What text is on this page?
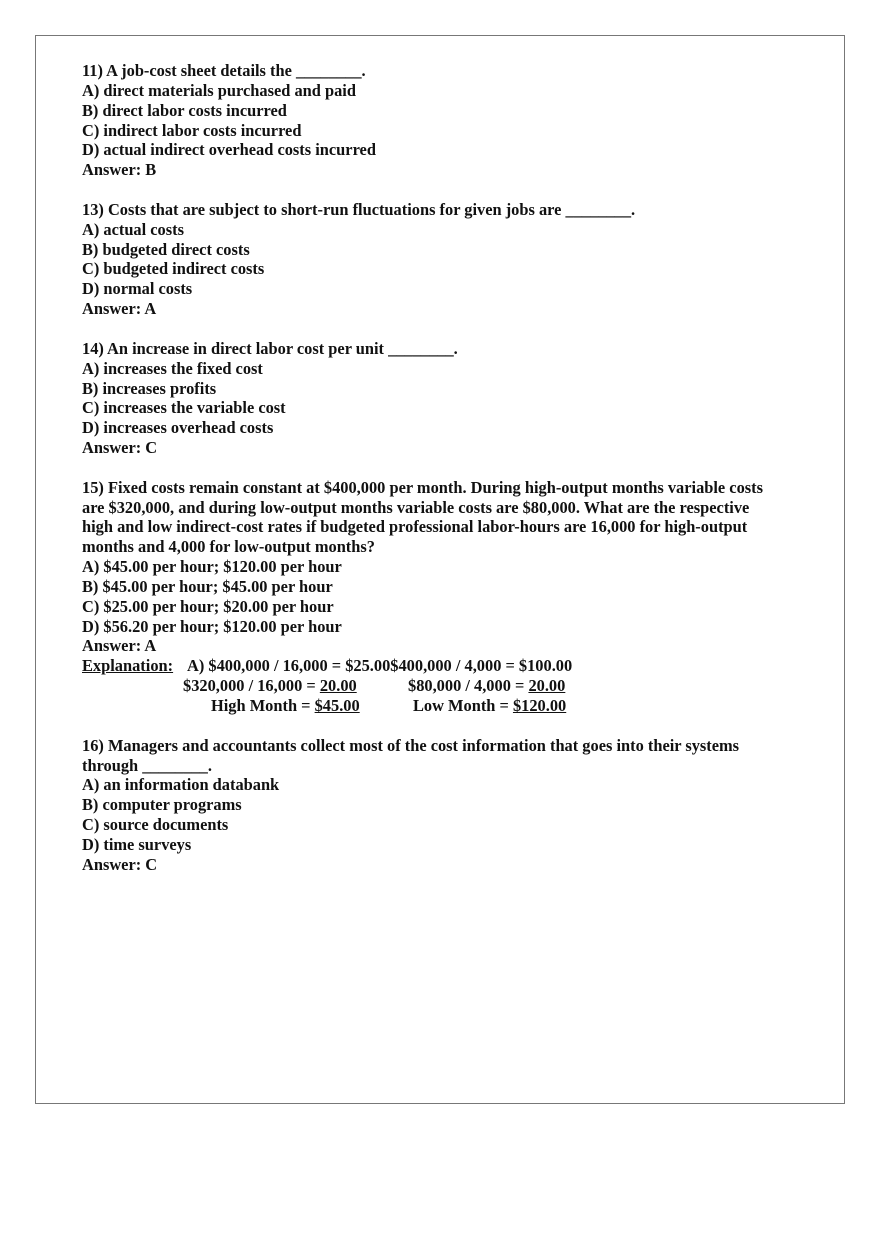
11) A job-cost sheet details the ________.
A) direct materials purchased and paid
B) direct labor costs incurred
C) indirect labor costs incurred
D) actual indirect overhead costs incurred
Answer: B
13) Costs that are subject to short-run fluctuations for given jobs are ________.
A) actual costs
B) budgeted direct costs
C) budgeted indirect costs
D) normal costs
Answer: A
14) An increase in direct labor cost per unit ________.
A) increases the fixed cost
B) increases profits
C) increases the variable cost
D) increases overhead costs
Answer: C
15) Fixed costs remain constant at $400,000 per month. During high-output months variable costs are $320,000, and during low-output months variable costs are $80,000. What are the respective high and low indirect-cost rates if budgeted professional labor-hours are 16,000 for high-output months and 4,000 for low-output months?
A) $45.00 per hour; $120.00 per hour
B) $45.00 per hour; $45.00 per hour
C) $25.00 per hour; $20.00 per hour
D) $56.20 per hour; $120.00 per hour
Answer: A
Explanation: A) $400,000 / 16,000 = $25.00$400,000 / 4,000 = $100.00
$320,000 / 16,000 = 20.00	$80,000 / 4,000 = 20.00
High Month = $45.00	Low Month = $120.00
16) Managers and accountants collect most of the cost information that goes into their systems through ________.
A) an information databank
B) computer programs
C) source documents
D) time surveys
Answer: C
